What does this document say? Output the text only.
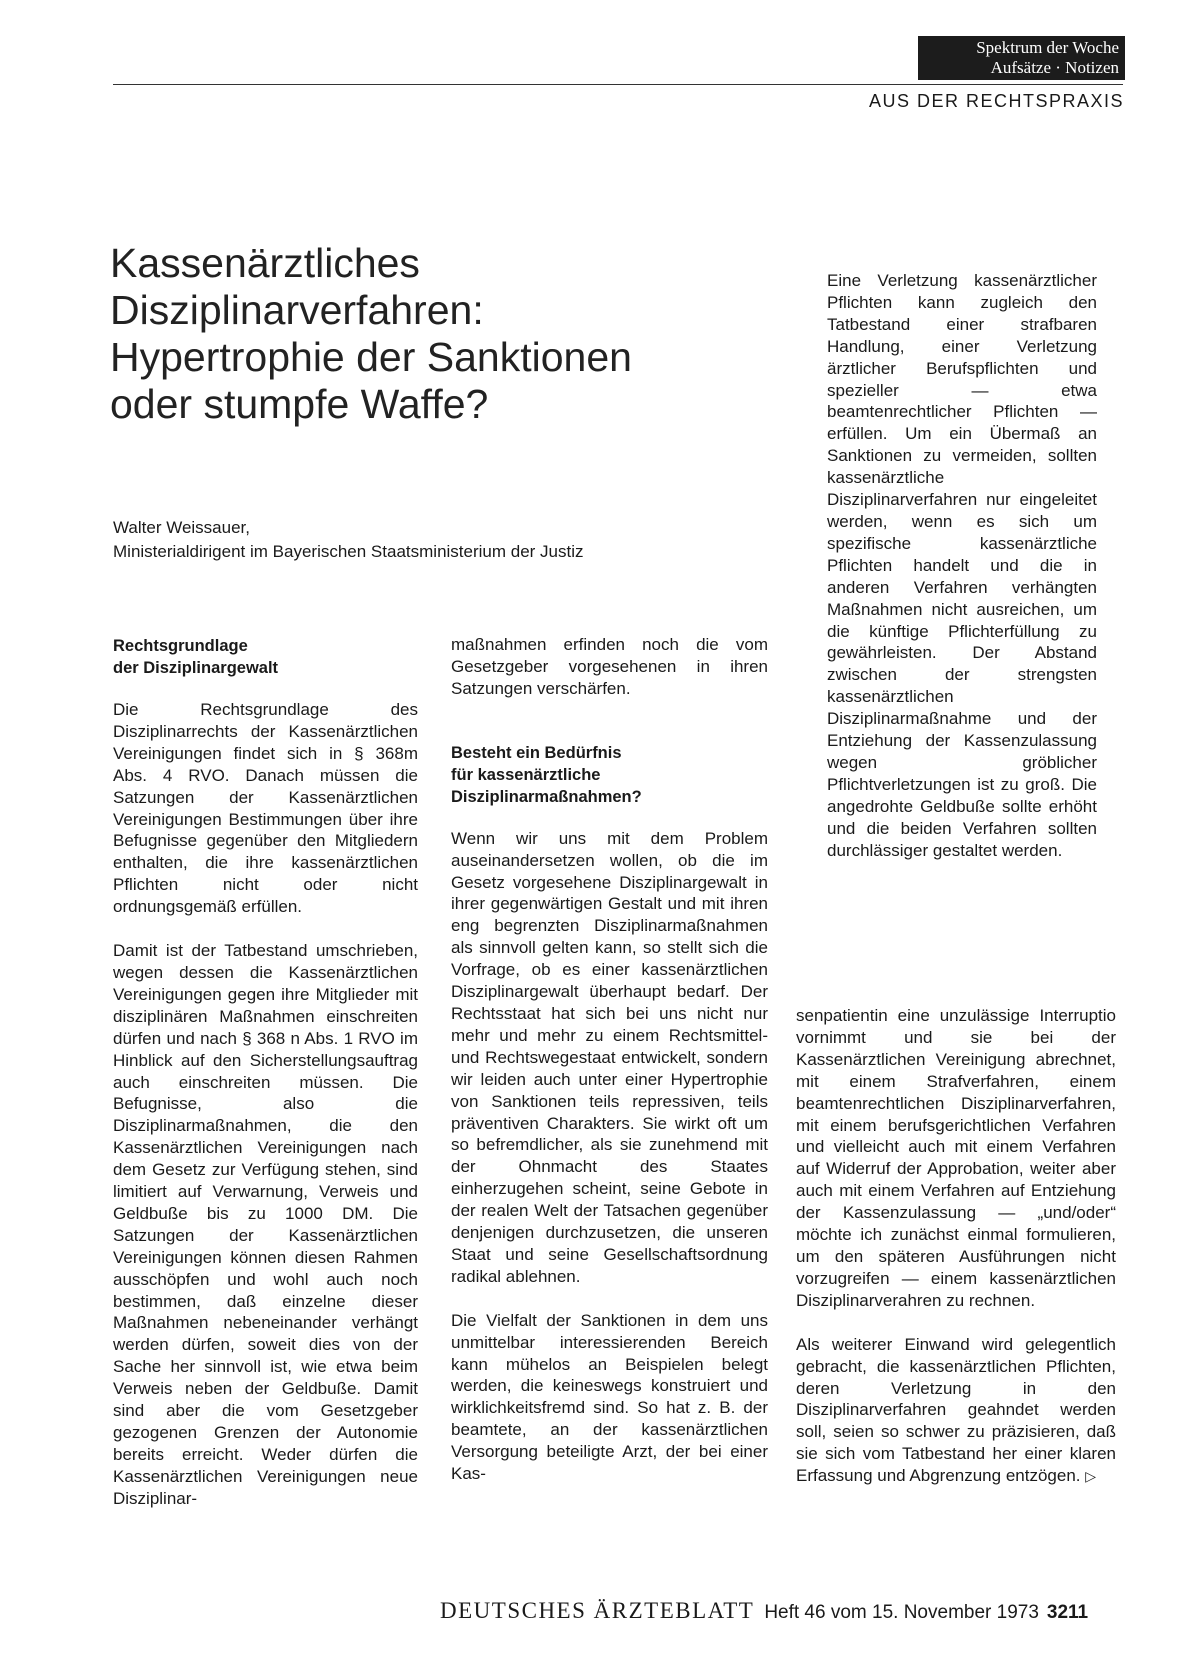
Spektrum der Woche
Aufsätze · Notizen
AUS DER RECHTSPRAXIS
Kassenärztliches
Disziplinarverfahren:
Hypertrophie der Sanktionen
oder stumpfe Waffe?
Walter Weissauer,
Ministerialdirigent im Bayerischen Staatsministerium der Justiz
Rechtsgrundlage
der Disziplinargewalt

Die Rechtsgrundlage des Disziplinarrechts der Kassenärztlichen Vereinigungen findet sich in § 368m Abs. 4 RVO. Danach müssen die Satzungen der Kassenärztlichen Vereinigungen Bestimmungen über ihre Befugnisse gegenüber den Mitgliedern enthalten, die ihre kassenärztlichen Pflichten nicht oder nicht ordnungsgemäß erfüllen.

Damit ist der Tatbestand umschrieben, wegen dessen die Kassenärztlichen Vereinigungen gegen ihre Mitglieder mit disziplinären Maßnahmen einschreiten dürfen und nach § 368 n Abs. 1 RVO im Hinblick auf den Sicherstellungsauftrag auch einschreiten müssen. Die Befugnisse, also die Disziplinarmaßnahmen, die den Kassenärztlichen Vereinigungen nach dem Gesetz zur Verfügung stehen, sind limitiert auf Verwarnung, Verweis und Geldbuße bis zu 1000 DM. Die Satzungen der Kassenärztlichen Vereinigungen können diesen Rahmen ausschöpfen und wohl auch noch bestimmen, daß einzelne dieser Maßnahmen nebeneinander verhängt werden dürfen, soweit dies von der Sache her sinnvoll ist, wie etwa beim Verweis neben der Geldbuße. Damit sind aber die vom Gesetzgeber gezogenen Grenzen der Autonomie bereits erreicht. Weder dürfen die Kassenärztlichen Vereinigungen neue Disziplinar-

maßnahmen erfinden noch die vom Gesetzgeber vorgesehenen in ihren Satzungen verschärfen.

Besteht ein Bedürfnis
für kassenärztliche
Disziplinarmaßnahmen?

Wenn wir uns mit dem Problem auseinandersetzen wollen, ob die im Gesetz vorgesehene Disziplinargewalt in ihrer gegenwärtigen Gestalt und mit ihren eng begrenzten Disziplinarmaßnahmen als sinnvoll gelten kann, so stellt sich die Vorfrage, ob es einer kassenärztlichen Disziplinargewalt überhaupt bedarf. Der Rechtsstaat hat sich bei uns nicht nur mehr und mehr zu einem Rechtsmittel- und Rechtswegestaat entwickelt, sondern wir leiden auch unter einer Hypertrophie von Sanktionen teils repressiven, teils präventiven Charakters. Sie wirkt oft um so befremdlicher, als sie zunehmend mit der Ohnmacht des Staates einherzugehen scheint, seine Gebote in der realen Welt der Tatsachen gegenüber denjenigen durchzusetzen, die unseren Staat und seine Gesellschaftsordnung radikal ablehnen.

Die Vielfalt der Sanktionen in dem uns unmittelbar interessierenden Bereich kann mühelos an Beispielen belegt werden, die keineswegs konstruiert und wirklichkeitsfremd sind. So hat z. B. der beamtete, an der kassenärztlichen Versorgung beteiligte Arzt, der bei einer Kas-

Eine Verletzung kassenärztlicher Pflichten kann zugleich den Tatbestand einer strafbaren Handlung, einer Verletzung ärztlicher Berufspflichten und spezieller — etwa beamtenrechtlicher Pflichten — erfüllen. Um ein Übermaß an Sanktionen zu vermeiden, sollten kassenärztliche Disziplinarverfahren nur eingeleitet werden, wenn es sich um spezifische kassenärztliche Pflichten handelt und die in anderen Verfahren verhängten Maßnahmen nicht ausreichen, um die künftige Pflichterfüllung zu gewährleisten. Der Abstand zwischen der strengsten kassenärztlichen Disziplinarmaßnahme und der Entziehung der Kassenzulassung wegen gröblicher Pflichtverletzungen ist zu groß. Die angedrohte Geldbuße sollte erhöht und die beiden Verfahren sollten durchlässiger gestaltet werden.

senpatientin eine unzulässige Interruptio vornimmt und sie bei der Kassenärztlichen Vereinigung abrechnet, mit einem Strafverfahren, einem beamtenrechtlichen Disziplinarverfahren, mit einem berufsgerichtlichen Verfahren und vielleicht auch mit einem Verfahren auf Widerruf der Approbation, weiter aber auch mit einem Verfahren auf Entziehung der Kassenzulassung — „und/oder“ möchte ich zunächst einmal formulieren, um den späteren Ausführungen nicht vorzugreifen — einem kassenärztlichen Disziplinarverahren zu rechnen.

Als weiterer Einwand wird gelegentlich gebracht, die kassenärztlichen Pflichten, deren Verletzung in den Disziplinarverfahren geahndet werden soll, seien so schwer zu präzisieren, daß sie sich vom Tatbestand her einer klaren Erfassung und Abgrenzung entzögen. ▷

DEUTSCHES ÄRZTEBLATT Heft 46 vom 15. November 1973 3211
